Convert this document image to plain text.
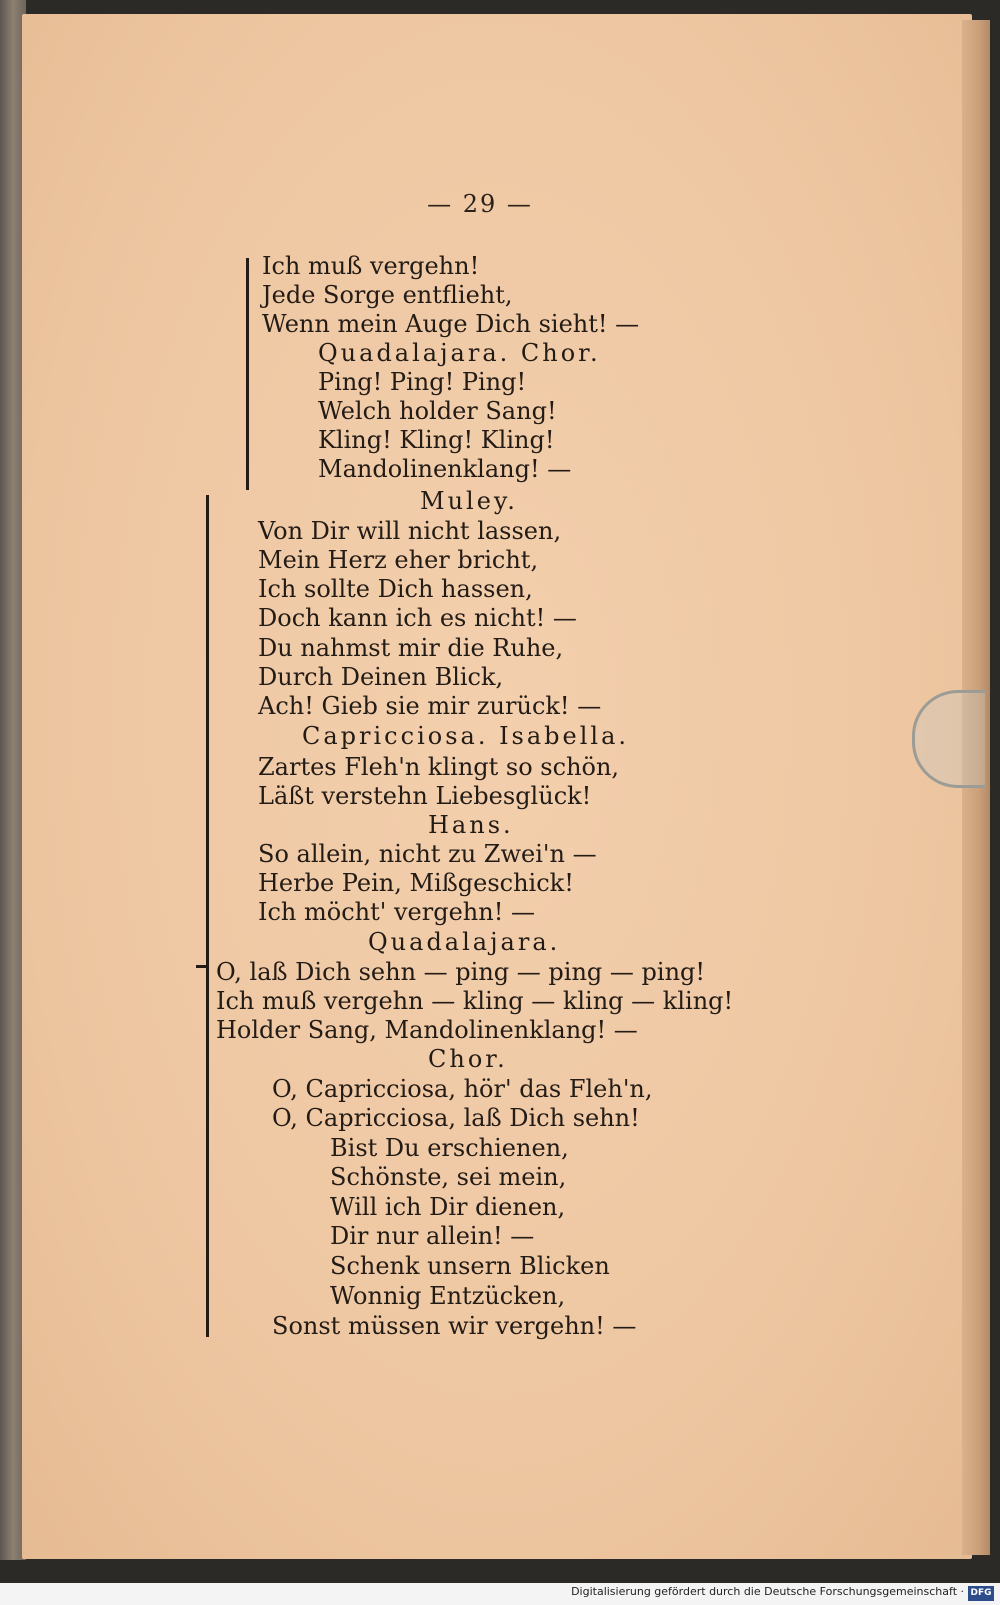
— 29 —
Ich muß vergehn!
Jede Sorge entflieht,
Wenn mein Auge Dich sieht! —
Quadalajara. Chor.
Ping! Ping! Ping!
Welch holder Sang!
Kling! Kling! Kling!
Mandolinenklang! —
Muley.
Von Dir will nicht lassen,
Mein Herz eher bricht,
Ich sollte Dich hassen,
Doch kann ich es nicht! —
Du nahmst mir die Ruhe,
Durch Deinen Blick,
Ach! Gieb sie mir zurück! —
Capricciosa. Isabella.
Zartes Fleh'n klingt so schön,
Läßt verstehn Liebesglück!
Hans.
So allein, nicht zu Zwei'n —
Herbe Pein, Mißgeschick!
Ich möcht' vergehn! —
Quadalajara.
O, laß Dich sehn — ping — ping — ping!
Ich muß vergehn — kling — kling — kling!
Holder Sang, Mandolinenklang! —
Chor.
O, Capricciosa, hör' das Fleh'n,
O, Capricciosa, laß Dich sehn!
Bist Du erschienen,
Schönste, sei mein,
Will ich Dir dienen,
Dir nur allein! —
Schenk unsern Blicken
Wonnig Entzücken,
Sonst müssen wir vergehn! —
Digitalisierung gefördert durch die Deutsche Forschungsgemeinschaft · DFG
